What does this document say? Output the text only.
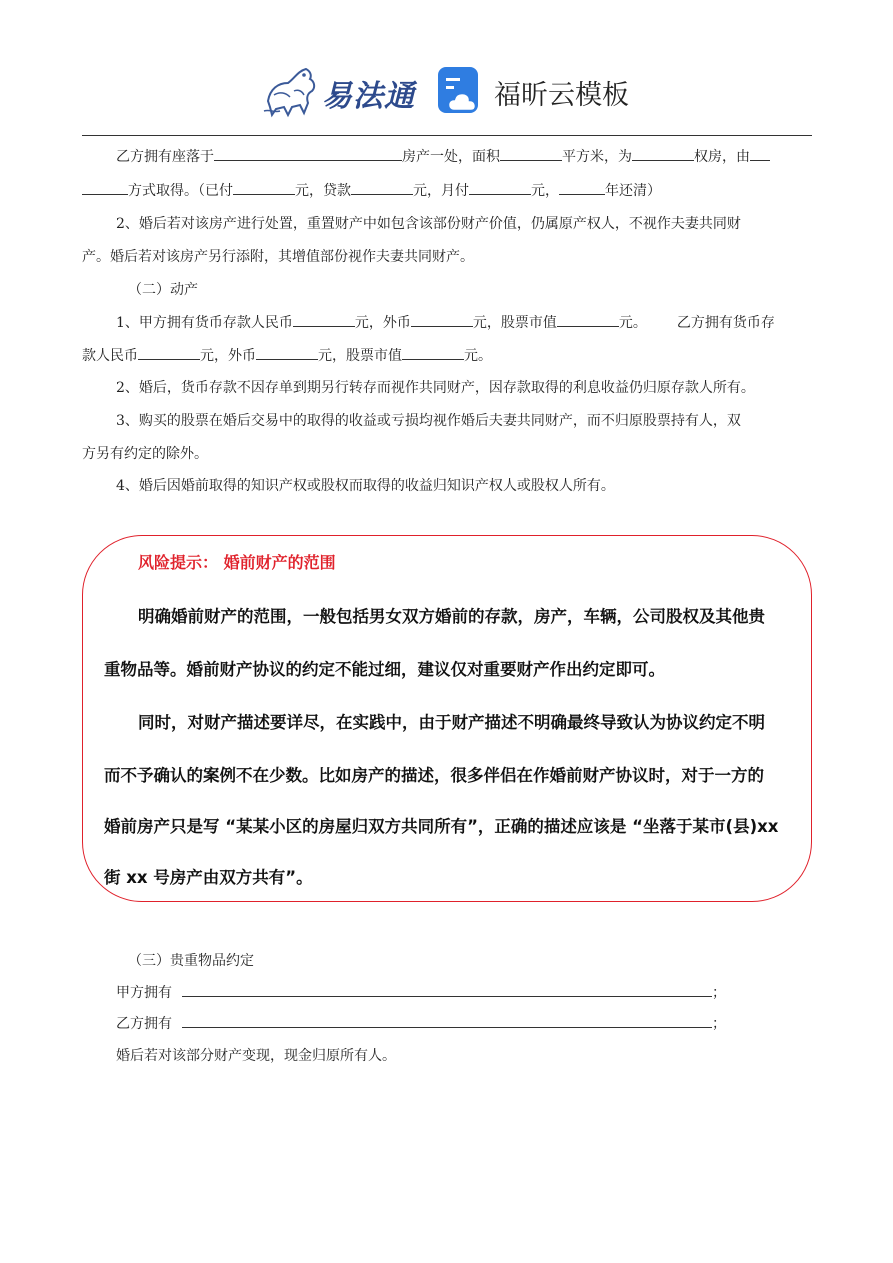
易法通	福昕云模板
乙方拥有座落于	房产一处，面积	平方米，为	权房，由
方式取得。（已付	元，贷款	元，月付	元，	年还清）
2、婚后若对该房产进行处置，重置财产中如包含该部份财产价值，仍属原产权人，不视作夫妻共同财
产。婚后若对该房产另行添附，其增值部份视作夫妻共同财产。
（二）动产
1、甲方拥有货币存款人民币	元，外币	元，股票市值	元。 乙方拥有货币存
款人民币	元，外币	元，股票市值	元。
2、婚后，货币存款不因存单到期另行转存而视作共同财产，因存款取得的利息收益仍归原存款人所有。
3、购买的股票在婚后交易中的取得的收益或亏损均视作婚后夫妻共同财产，而不归原股票持有人，双
方另有约定的除外。
4、婚后因婚前取得的知识产权或股权而取得的收益归知识产权人或股权人所有。
风险提示： 婚前财产的范围
明确婚前财产的范围，一般包括男女双方婚前的存款，房产，车辆，公司股权及其他贵
重物品等。婚前财产协议的约定不能过细，建议仅对重要财产作出约定即可。
同时，对财产描述要详尽，在实践中，由于财产描述不明确最终导致认为协议约定不明
而不予确认的案例不在少数。比如房产的描述，很多伴侣在作婚前财产协议时，对于一方的
婚前房产只是写 “某某小区的房屋归双方共同所有”，正确的描述应该是 “坐落于某市(县)xx
街 xx 号房产由双方共有”。
（三）贵重物品约定
甲方拥有	；
乙方拥有	；
婚后若对该部分财产变现，现金归原所有人。
